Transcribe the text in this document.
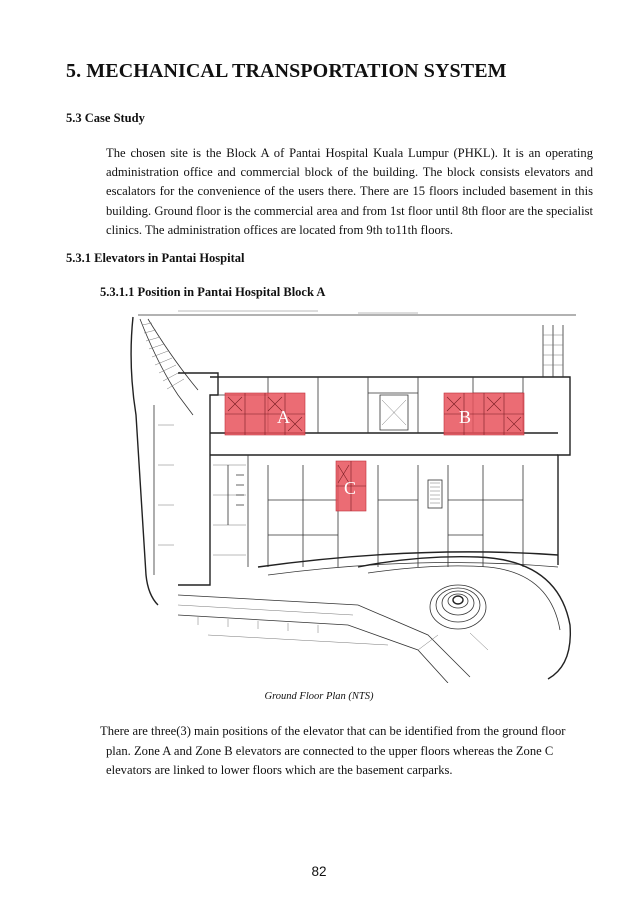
5. MECHANICAL TRANSPORTATION SYSTEM
5.3 Case Study
The chosen site is the Block A of Pantai Hospital Kuala Lumpur (PHKL). It is an operating administration office and commercial block of the building. The block consists elevators and escalators for the convenience of the users there. There are 15 floors included basement in this building. Ground floor is the commercial area and from 1st floor until 8th floor are the specialist clinics. The administration offices are located from 9th to11th floors.
5.3.1 Elevators in Pantai Hospital
5.3.1.1 Position in Pantai Hospital Block A
A	B
C
Ground Floor Plan (NTS)
There are three(3) main positions of the elevator that can be identified from the ground floor
plan. Zone A and Zone B elevators are connected to the upper floors whereas the Zone C elevators are linked to lower floors which are the basement carparks.
82
